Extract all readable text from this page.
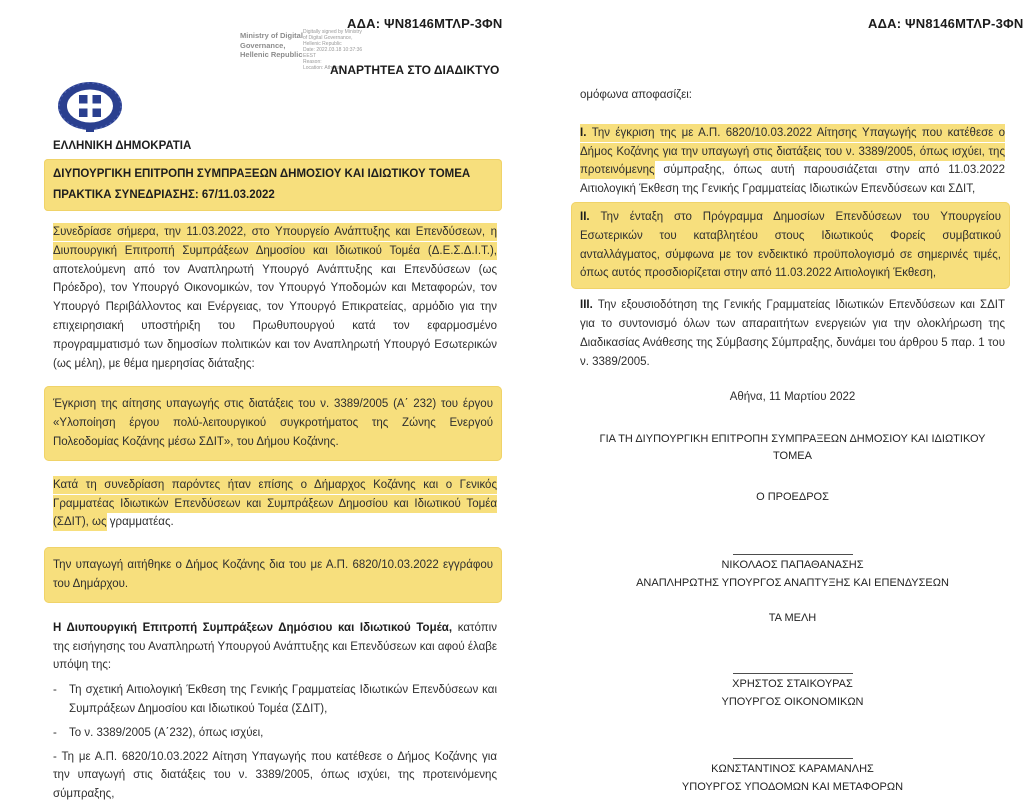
ΑΔΑ: ΨΝ8146ΜΤΛΡ-3ΦΝ	ΑΔΑ: ΨΝ8146ΜΤΛΡ-3ΦΝ
Ministry of Digital
Governance,
Hellenic Republic
Digitally signed by Ministry
of Digital Governance,
Hellenic Republic
Date: 2022.03.18 10:37:36
EEST
Reason:
Location: Athens
ΑΝΑΡΤΗΤΕΑ ΣΤΟ ΔΙΑΔΙΚΤΥΟ
ΕΛΛΗΝΙΚΗ ΔΗΜΟΚΡΑΤΙΑ
ΔΙΥΠΟΥΡΓΙΚΗ ΕΠΙΤΡΟΠΗ ΣΥΜΠΡΑΞΕΩΝ ΔΗΜΟΣΙΟΥ ΚΑΙ ΙΔΙΩΤΙΚΟΥ ΤΟΜΕΑ
ΠΡΑΚΤΙΚΑ ΣΥΝΕΔΡΙΑΣΗΣ: 67/11.03.2022

Συνεδρίασε σήμερα, την 11.03.2022, στο Υπουργείο Ανάπτυξης και Επενδύσεων, η Διυπουργική Επιτροπή Συμπράξεων Δημοσίου και Ιδιωτικού Τομέα (Δ.Ε.Σ.Δ.Ι.Τ.), αποτελούμενη από τον Αναπληρωτή Υπουργό Ανάπτυξης και Επενδύσεων (ως Πρόεδρο), τον Υπουργό Οικονομικών, τον Υπουργό Υποδομών και Μεταφορών, τον Υπουργό Περιβάλλοντος και Ενέργειας, τον Υπουργό Επικρατείας, αρμόδιο για την επιχειρησιακή υποστήριξη του Πρωθυπουργού κατά τον εφαρμοσμένο προγραμματισμό των δημοσίων πολιτικών και τον Αναπληρωτή Υπουργό Εσωτερικών (ως μέλη), με θέμα ημερησίας διάταξης:

Έγκριση της αίτησης υπαγωγής στις διατάξεις του ν. 3389/2005 (Α΄ 232) του έργου «Υλοποίηση έργου πολύ-λειτουργικού συγκροτήματος της Ζώνης Ενεργού Πολεοδομίας Κοζάνης μέσω ΣΔΙΤ», του Δήμου Κοζάνης.

Κατά τη συνεδρίαση παρόντες ήταν επίσης ο Δήμαρχος Κοζάνης και ο Γενικός Γραμματέας Ιδιωτικών Επενδύσεων και Συμπράξεων Δημοσίου και Ιδιωτικού Τομέα (ΣΔΙΤ), ως γραμματέας.

Την υπαγωγή αιτήθηκε ο Δήμος Κοζάνης δια του με Α.Π. 6820/10.03.2022 εγγράφου του Δημάρχου.

Η Διυπουργική Επιτροπή Συμπράξεων Δημόσιου και Ιδιωτικού Τομέα, κατόπιν της εισήγησης του Αναπληρωτή Υπουργού Ανάπτυξης και Επενδύσεων και αφού έλαβε υπόψη της:

-	Τη σχετική Αιτιολογική Έκθεση της Γενικής Γραμματείας Ιδιωτικών Επενδύσεων και Συμπράξεων Δημοσίου και Ιδιωτικού Τομέα (ΣΔΙΤ),
-	Το ν. 3389/2005 (Α΄232), όπως ισχύει,

- Τη με Α.Π. 6820/10.03.2022 Αίτηση Υπαγωγής που κατέθεσε ο Δήμος Κοζάνης για την υπαγωγή στις διατάξεις του ν. 3389/2005, όπως ισχύει, της προτεινόμενης σύμπραξης,

ομόφωνα αποφασίζει:

I. Την έγκριση της με Α.Π. 6820/10.03.2022 Αίτησης Υπαγωγής που κατέθεσε ο Δήμος Κοζάνης για την υπαγωγή στις διατάξεις του ν. 3389/2005, όπως ισχύει, της προτεινόμενης σύμπραξης, όπως αυτή παρουσιάζεται στην από 11.03.2022 Αιτιολογική Έκθεση της Γενικής Γραμματείας Ιδιωτικών Επενδύσεων και ΣΔΙΤ,

II. Την ένταξη στο Πρόγραμμα Δημοσίων Επενδύσεων του Υπουργείου Εσωτερικών του καταβλητέου στους Ιδιωτικούς Φορείς συμβατικού ανταλλάγματος, σύμφωνα με τον ενδεικτικό προϋπολογισμό σε σημερινές τιμές, όπως αυτός προσδιορίζεται στην από 11.03.2022 Αιτιολογική Έκθεση,

III. Την εξουσιοδότηση της Γενικής Γραμματείας Ιδιωτικών Επενδύσεων και ΣΔΙΤ για το συντονισμό όλων των απαραιτήτων ενεργειών για την ολοκλήρωση της Διαδικασίας Ανάθεσης της Σύμβασης Σύμπραξης, δυνάμει του άρθρου 5 παρ. 1 του ν. 3389/2005.

Αθήνα, 11 Μαρτίου 2022

ΓΙΑ ΤΗ ΔΙΥΠΟΥΡΓΙΚΗ ΕΠΙΤΡΟΠΗ ΣΥΜΠΡΑΞΕΩΝ ΔΗΜΟΣΙΟΥ ΚΑΙ ΙΔΙΩΤΙΚΟΥ ΤΟΜΕΑ

Ο ΠΡΟΕΔΡΟΣ

ΝΙΚΟΛΑΟΣ ΠΑΠΑΘΑΝΑΣΗΣ

ΑΝΑΠΛΗΡΩΤΗΣ ΥΠΟΥΡΓΟΣ ΑΝΑΠΤΥΞΗΣ ΚΑΙ ΕΠΕΝΔΥΣΕΩΝ

ΤΑ ΜΕΛΗ

ΧΡΗΣΤΟΣ ΣΤΑΙΚΟΥΡΑΣ

ΥΠΟΥΡΓΟΣ ΟΙΚΟΝΟΜΙΚΩΝ

ΚΩΝΣΤΑΝΤΙΝΟΣ ΚΑΡΑΜΑΝΛΗΣ

ΥΠΟΥΡΓΟΣ ΥΠΟΔΟΜΩΝ ΚΑΙ ΜΕΤΑΦΟΡΩΝ
